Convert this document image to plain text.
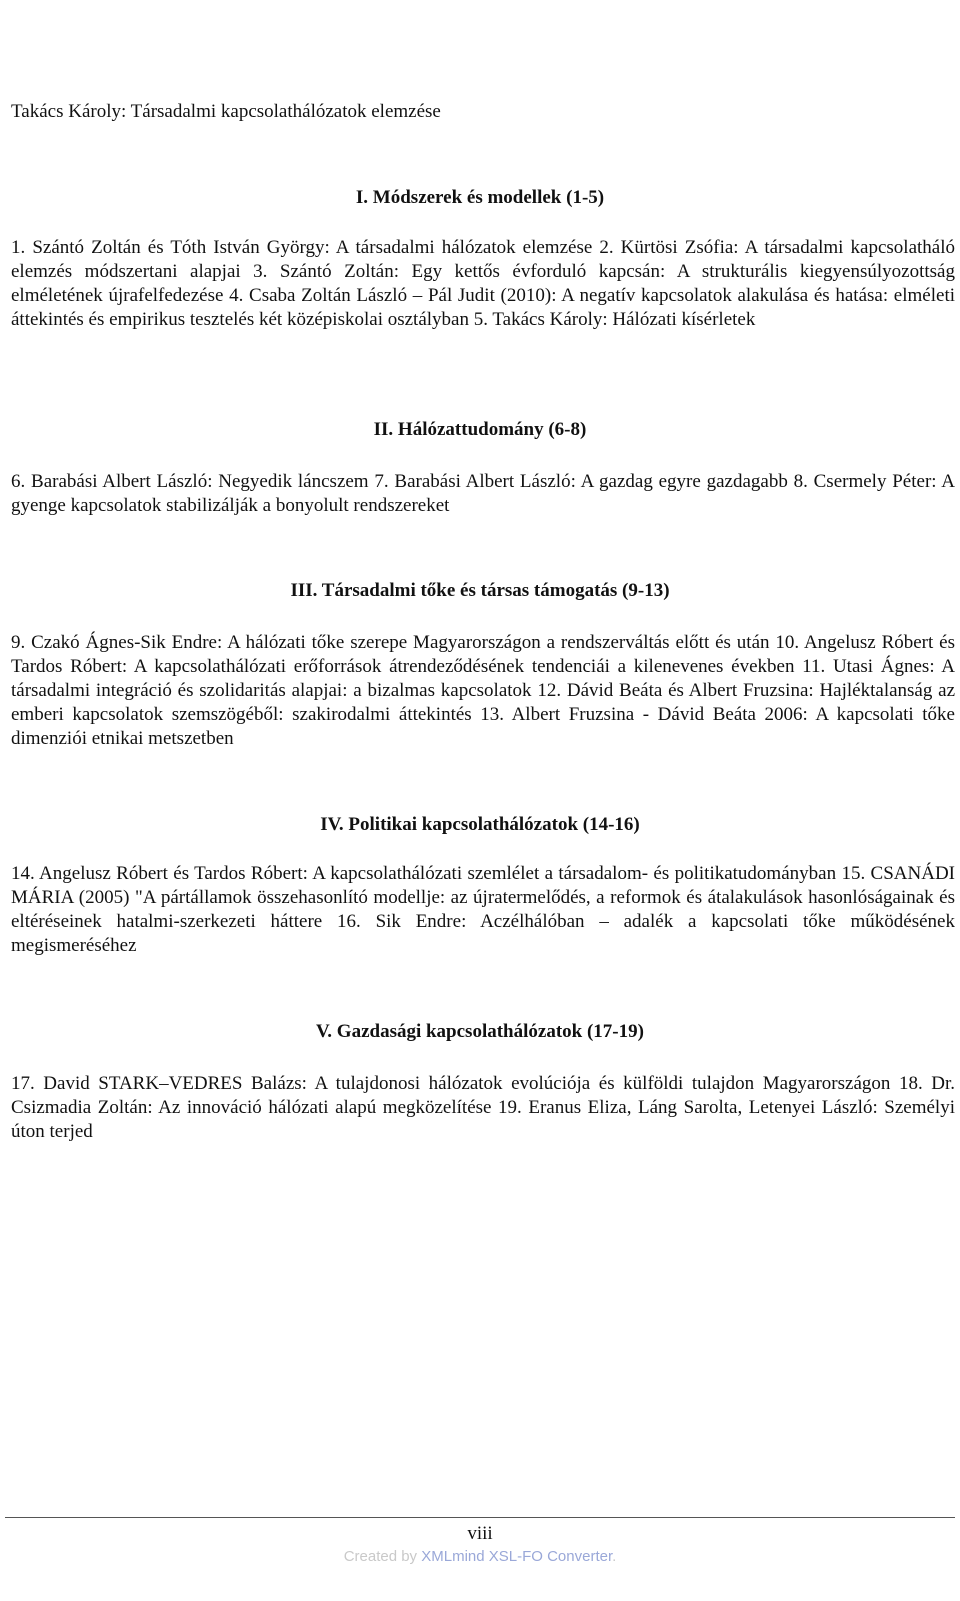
Takács Károly: Társadalmi kapcsolathálózatok elemzése
I. Módszerek és modellek (1-5)

1. Szántó Zoltán és Tóth István György: A társadalmi hálózatok elemzése 2. Kürtösi Zsófia: A társadalmi kapcsolatháló elemzés módszertani alapjai 3. Szántó Zoltán: Egy kettős évforduló kapcsán: A strukturális kiegyensúlyozottság elméletének újrafelfedezése 4. Csaba Zoltán László – Pál Judit (2010): A negatív kapcsolatok alakulása és hatása: elméleti áttekintés és empirikus tesztelés két középiskolai osztályban 5. Takács Károly: Hálózati kísérletek

II. Hálózattudomány (6-8)

6. Barabási Albert László: Negyedik láncszem 7. Barabási Albert László: A gazdag egyre gazdagabb 8. Csermely Péter: A gyenge kapcsolatok stabilizálják a bonyolult rendszereket

III. Társadalmi tőke és társas támogatás (9-13)

9. Czakó Ágnes-Sik Endre: A hálózati tőke szerepe Magyarországon a rendszerváltás előtt és után 10. Angelusz Róbert és Tardos Róbert: A kapcsolathálózati erőforrások átrendeződésének tendenciái a kilenevenes években 11. Utasi Ágnes: A társadalmi integráció és szolidaritás alapjai: a bizalmas kapcsolatok 12. Dávid Beáta és Albert Fruzsina: Hajléktalanság az emberi kapcsolatok szemszögéből: szakirodalmi áttekintés 13. Albert Fruzsina - Dávid Beáta 2006: A kapcsolati tőke dimenziói etnikai metszetben

IV. Politikai kapcsolathálózatok (14-16)

14. Angelusz Róbert és Tardos Róbert: A kapcsolathálózati szemlélet a társadalom- és politikatudományban 15. CSANÁDI MÁRIA (2005) "A pártállamok összehasonlító modellje: az újratermelődés, a reformok és átalakulások hasonlóságainak és eltéréseinek hatalmi-szerkezeti háttere 16. Sik Endre: Aczélhálóban – adalék a kapcsolati tőke működésének megismeréséhez

V. Gazdasági kapcsolathálózatok (17-19)

17. David STARK–VEDRES Balázs: A tulajdonosi hálózatok evolúciója és külföldi tulajdon Magyarországon 18. Dr. Csizmadia Zoltán: Az innováció hálózati alapú megközelítése 19. Eranus Eliza, Láng Sarolta, Letenyei László: Személyi úton terjed

viii
Created by XMLmind XSL-FO Converter.
